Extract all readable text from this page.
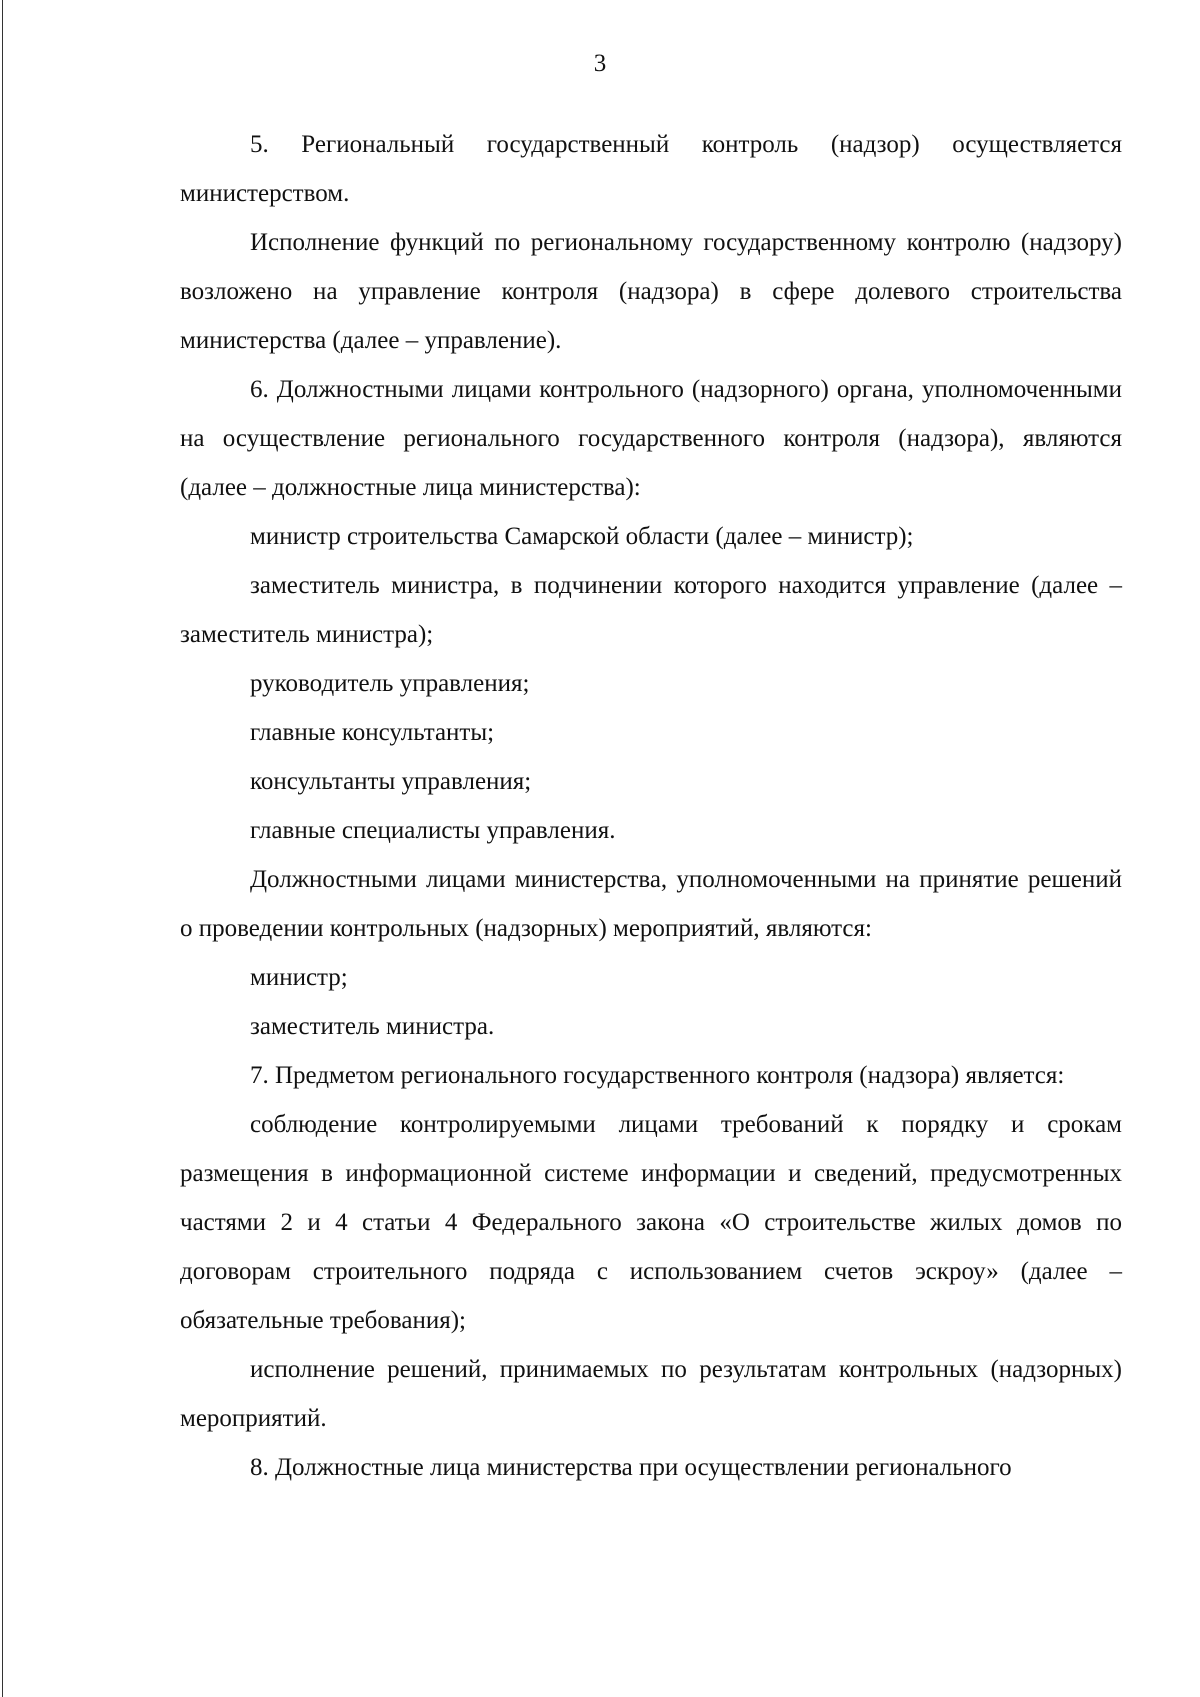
3

5. Региональный государственный контроль (надзор) осуществляется министерством.

Исполнение функций по региональному государственному контролю (надзору) возложено на управление контроля (надзора) в сфере долевого строительства министерства (далее – управление).

6. Должностными лицами контрольного (надзорного) органа, уполномоченными на осуществление регионального государственного контроля (надзора), являются (далее – должностные лица министерства):

министр строительства Самарской области (далее – министр);

заместитель министра, в подчинении которого находится управление (далее – заместитель министра);

руководитель управления;

главные консультанты;

консультанты управления;

главные специалисты управления.

Должностными лицами министерства, уполномоченными на принятие решений о проведении контрольных (надзорных) мероприятий, являются:

министр;

заместитель министра.

7. Предметом регионального государственного контроля (надзора) является:

соблюдение контролируемыми лицами требований к порядку и срокам размещения в информационной системе информации и сведений, предусмотренных частями 2 и 4 статьи 4 Федерального закона «О строительстве жилых домов по договорам строительного подряда с использованием счетов эскроу» (далее – обязательные требования);

исполнение решений, принимаемых по результатам контрольных (надзорных) мероприятий.

8. Должностные лица министерства при осуществлении регионального
